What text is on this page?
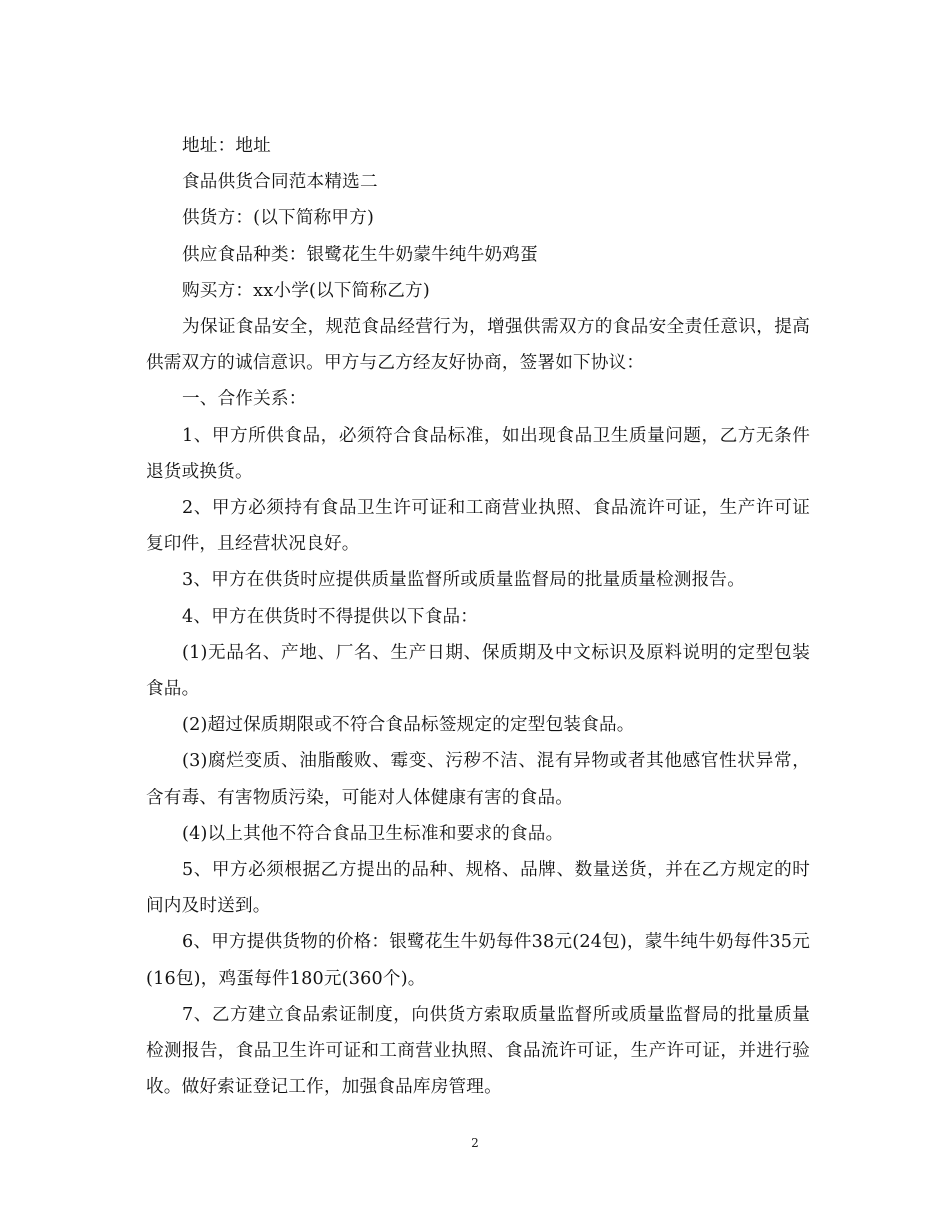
地址：地址

食品供货合同范本精选二

供货方：(以下简称甲方)

供应食品种类：银鹭花生牛奶蒙牛纯牛奶鸡蛋

购买方：xx小学(以下简称乙方)

为保证食品安全，规范食品经营行为，增强供需双方的食品安全责任意识，提高供需双方的诚信意识。甲方与乙方经友好协商，签署如下协议：

一、合作关系：

1、甲方所供食品，必须符合食品标准，如出现食品卫生质量问题，乙方无条件退货或换货。

2、甲方必须持有食品卫生许可证和工商营业执照、食品流许可证，生产许可证复印件，且经营状况良好。

3、甲方在供货时应提供质量监督所或质量监督局的批量质量检测报告。

4、甲方在供货时不得提供以下食品：

(1)无品名、产地、厂名、生产日期、保质期及中文标识及原料说明的定型包装食品。

(2)超过保质期限或不符合食品标签规定的定型包装食品。

(3)腐烂变质、油脂酸败、霉变、污秽不洁、混有异物或者其他感官性状异常，含有毒、有害物质污染，可能对人体健康有害的食品。

(4)以上其他不符合食品卫生标准和要求的食品。

5、甲方必须根据乙方提出的品种、规格、品牌、数量送货，并在乙方规定的时间内及时送到。

6、甲方提供货物的价格：银鹭花生牛奶每件38元(24包)，蒙牛纯牛奶每件35元(16包)，鸡蛋每件180元(360个)。

7、乙方建立食品索证制度，向供货方索取质量监督所或质量监督局的批量质量检测报告，食品卫生许可证和工商营业执照、食品流许可证，生产许可证，并进行验收。做好索证登记工作，加强食品库房管理。

2
